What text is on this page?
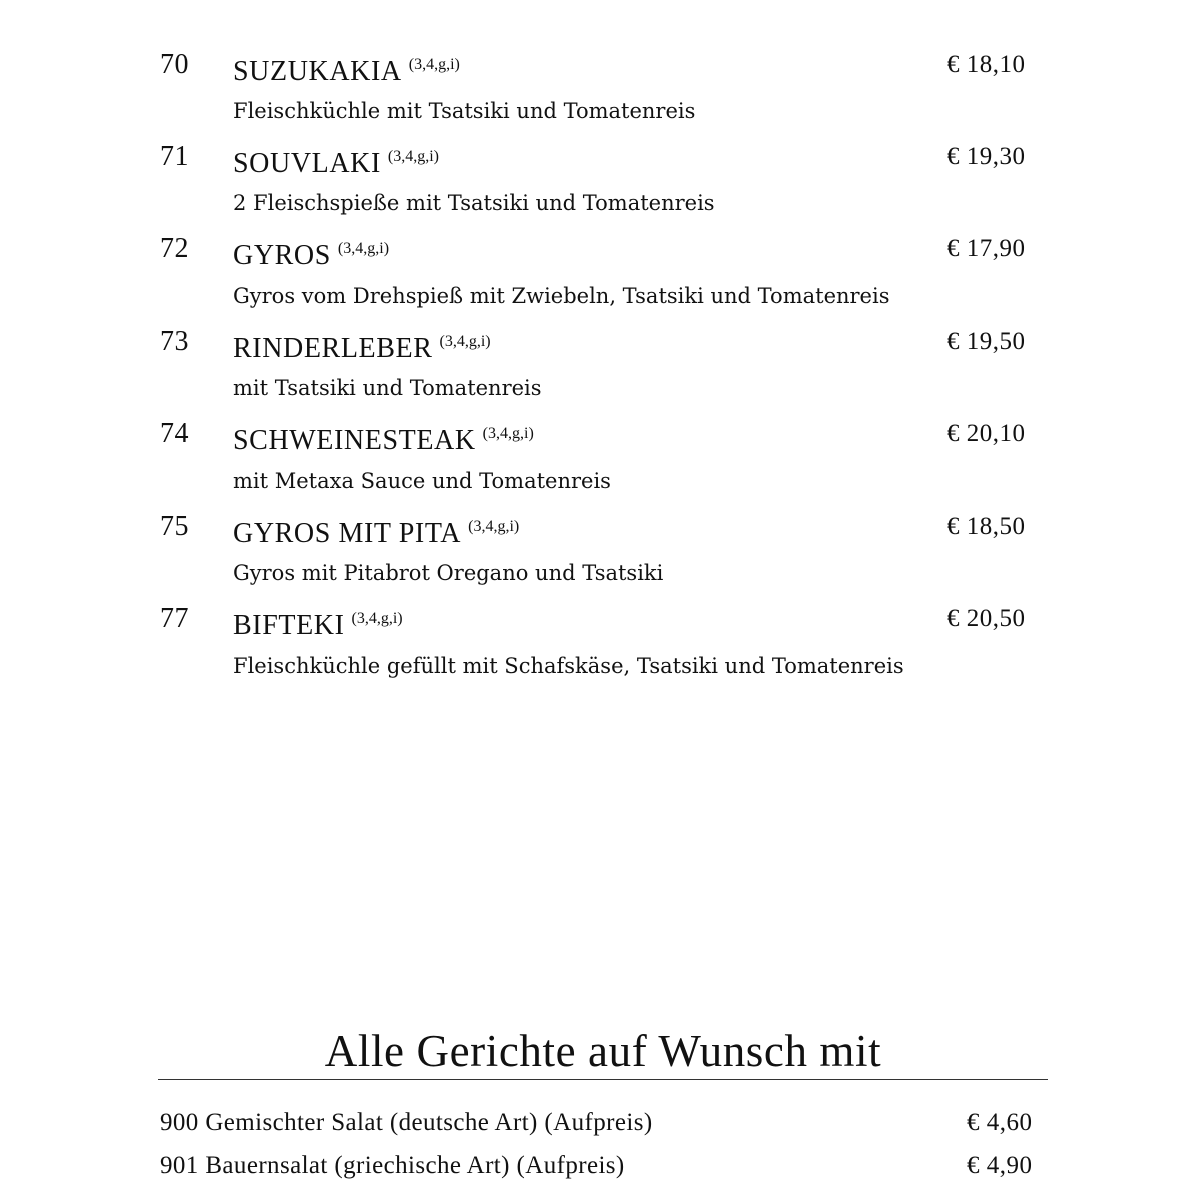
70 SUZUKAKIA $^{(3,4,g,i)}$	€ 18,10
Fleischküchle mit Tsatsiki und Tomatenreis
71 SOUVLAKI $^{(3,4,g,i)}$	€ 19,30
2 Fleischspieße mit Tsatsiki und Tomatenreis
72 GYROS $^{(3,4,g,i)}$	€ 17,90
Gyros vom Drehspieß mit Zwiebeln, Tsatsiki und Tomatenreis
73 RINDERLEBER $^{(3,4,g,i)}$	€ 19,50
mit Tsatsiki und Tomatenreis
74 SCHWEINESTEAK $^{(3,4,g,i)}$	€ 20,10
mit Metaxa Sauce und Tomatenreis
75 GYROS MIT PITA $^{(3,4,g,i)}$	€ 18,50
Gyros mit Pitabrot Oregano und Tsatsiki
77 BIFTEKI $^{(3,4,g,i)}$	€ 20,50
Fleischküchle gefüllt mit Schafskäse, Tsatsiki und Tomatenreis
Alle Gerichte auf Wunsch mit
900 Gemischter Salat (deutsche Art) (Aufpreis)	€ 4,60
901 Bauernsalat (griechische Art) (Aufpreis)	€ 4,90
